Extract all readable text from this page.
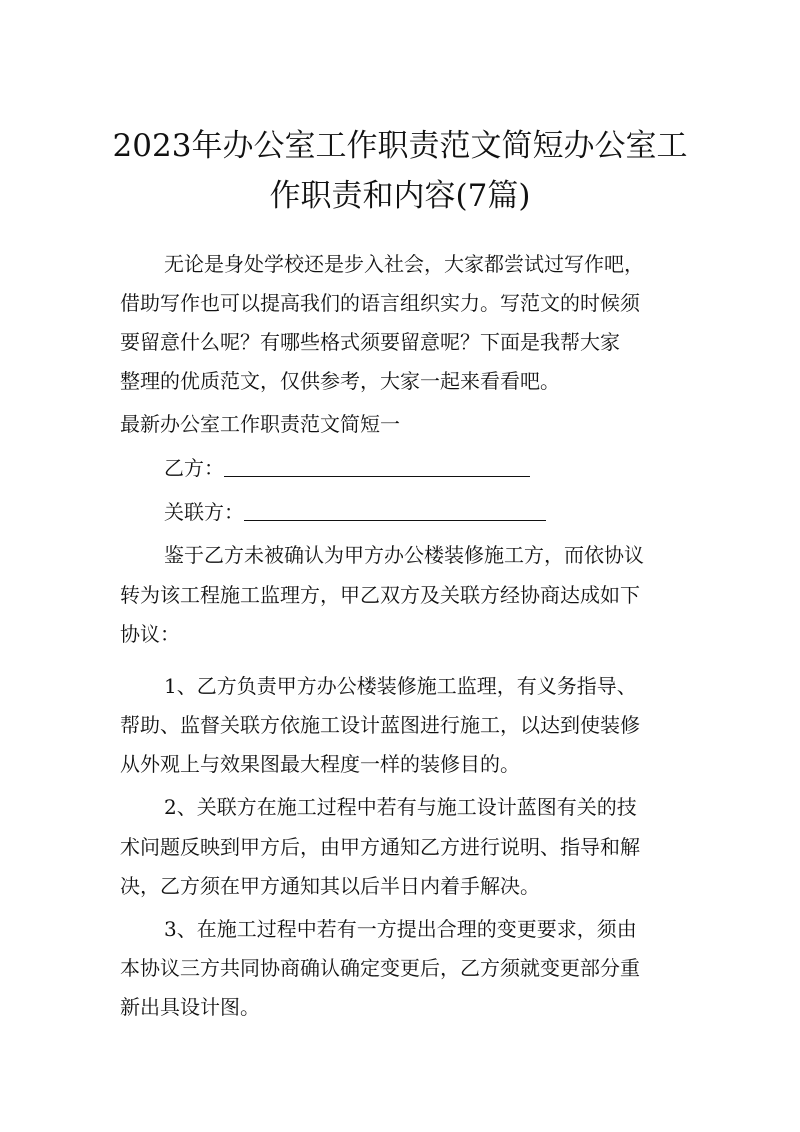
2023年办公室工作职责范文简短办公室工
作职责和内容(7篇)
无论是身处学校还是步入社会，大家都尝试过写作吧，
借助写作也可以提高我们的语言组织实力。写范文的时候须
要留意什么呢？有哪些格式须要留意呢？下面是我帮大家
整理的优质范文，仅供参考，大家一起来看看吧。
最新办公室工作职责范文简短一
乙方：
关联方：
鉴于乙方未被确认为甲方办公楼装修施工方，而依协议
转为该工程施工监理方，甲乙双方及关联方经协商达成如下
协议：
1、乙方负责甲方办公楼装修施工监理，有义务指导、
帮助、监督关联方依施工设计蓝图进行施工，以达到使装修
从外观上与效果图最大程度一样的装修目的。
2、关联方在施工过程中若有与施工设计蓝图有关的技
术问题反映到甲方后，由甲方通知乙方进行说明、指导和解
决，乙方须在甲方通知其以后半日内着手解决。
3、在施工过程中若有一方提出合理的变更要求，须由
本协议三方共同协商确认确定变更后，乙方须就变更部分重
新出具设计图。
